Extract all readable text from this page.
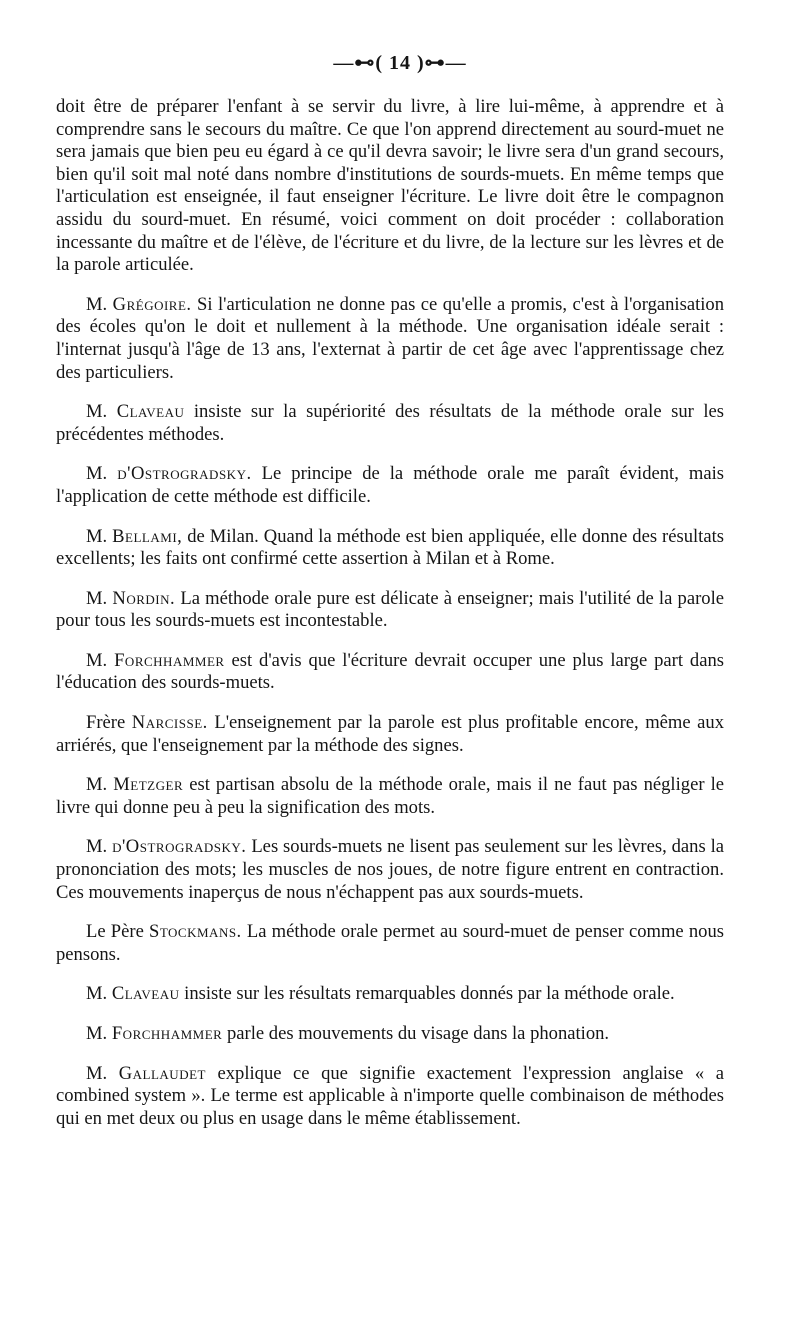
—⊷( 14 )⊶—

doit être de préparer l'enfant à se servir du livre, à lire lui-même, à apprendre et à comprendre sans le secours du maître. Ce que l'on apprend directement au sourd-muet ne sera jamais que bien peu eu égard à ce qu'il devra savoir; le livre sera d'un grand secours, bien qu'il soit mal noté dans nombre d'institutions de sourds-muets. En même temps que l'articulation est enseignée, il faut enseigner l'écriture. Le livre doit être le compagnon assidu du sourd-muet. En résumé, voici comment on doit procéder : collaboration incessante du maître et de l'élève, de l'écriture et du livre, de la lecture sur les lèvres et de la parole articulée.

M. Grégoire. Si l'articulation ne donne pas ce qu'elle a promis, c'est à l'organisation des écoles qu'on le doit et nullement à la méthode. Une organisation idéale serait : l'internat jusqu'à l'âge de 13 ans, l'externat à partir de cet âge avec l'apprentissage chez des particuliers.

M. Claveau insiste sur la supériorité des résultats de la méthode orale sur les précédentes méthodes.

M. d'Ostrogradsky. Le principe de la méthode orale me paraît évident, mais l'application de cette méthode est difficile.

M. Bellami, de Milan. Quand la méthode est bien appliquée, elle donne des résultats excellents; les faits ont confirmé cette assertion à Milan et à Rome.

M. Nordin. La méthode orale pure est délicate à enseigner; mais l'utilité de la parole pour tous les sourds-muets est incontestable.

M. Forchhammer est d'avis que l'écriture devrait occuper une plus large part dans l'éducation des sourds-muets.

Frère Narcisse. L'enseignement par la parole est plus profitable encore, même aux arriérés, que l'enseignement par la méthode des signes.

M. Metzger est partisan absolu de la méthode orale, mais il ne faut pas négliger le livre qui donne peu à peu la signification des mots.

M. d'Ostrogradsky. Les sourds-muets ne lisent pas seulement sur les lèvres, dans la prononciation des mots; les muscles de nos joues, de notre figure entrent en contraction. Ces mouvements inaperçus de nous n'échappent pas aux sourds-muets.

Le Père Stockmans. La méthode orale permet au sourd-muet de penser comme nous pensons.

M. Claveau insiste sur les résultats remarquables donnés par la méthode orale.

M. Forchhammer parle des mouvements du visage dans la phonation.

M. Gallaudet explique ce que signifie exactement l'expression anglaise « a combined system ». Le terme est applicable à n'importe quelle combinaison de méthodes qui en met deux ou plus en usage dans le même établissement.
